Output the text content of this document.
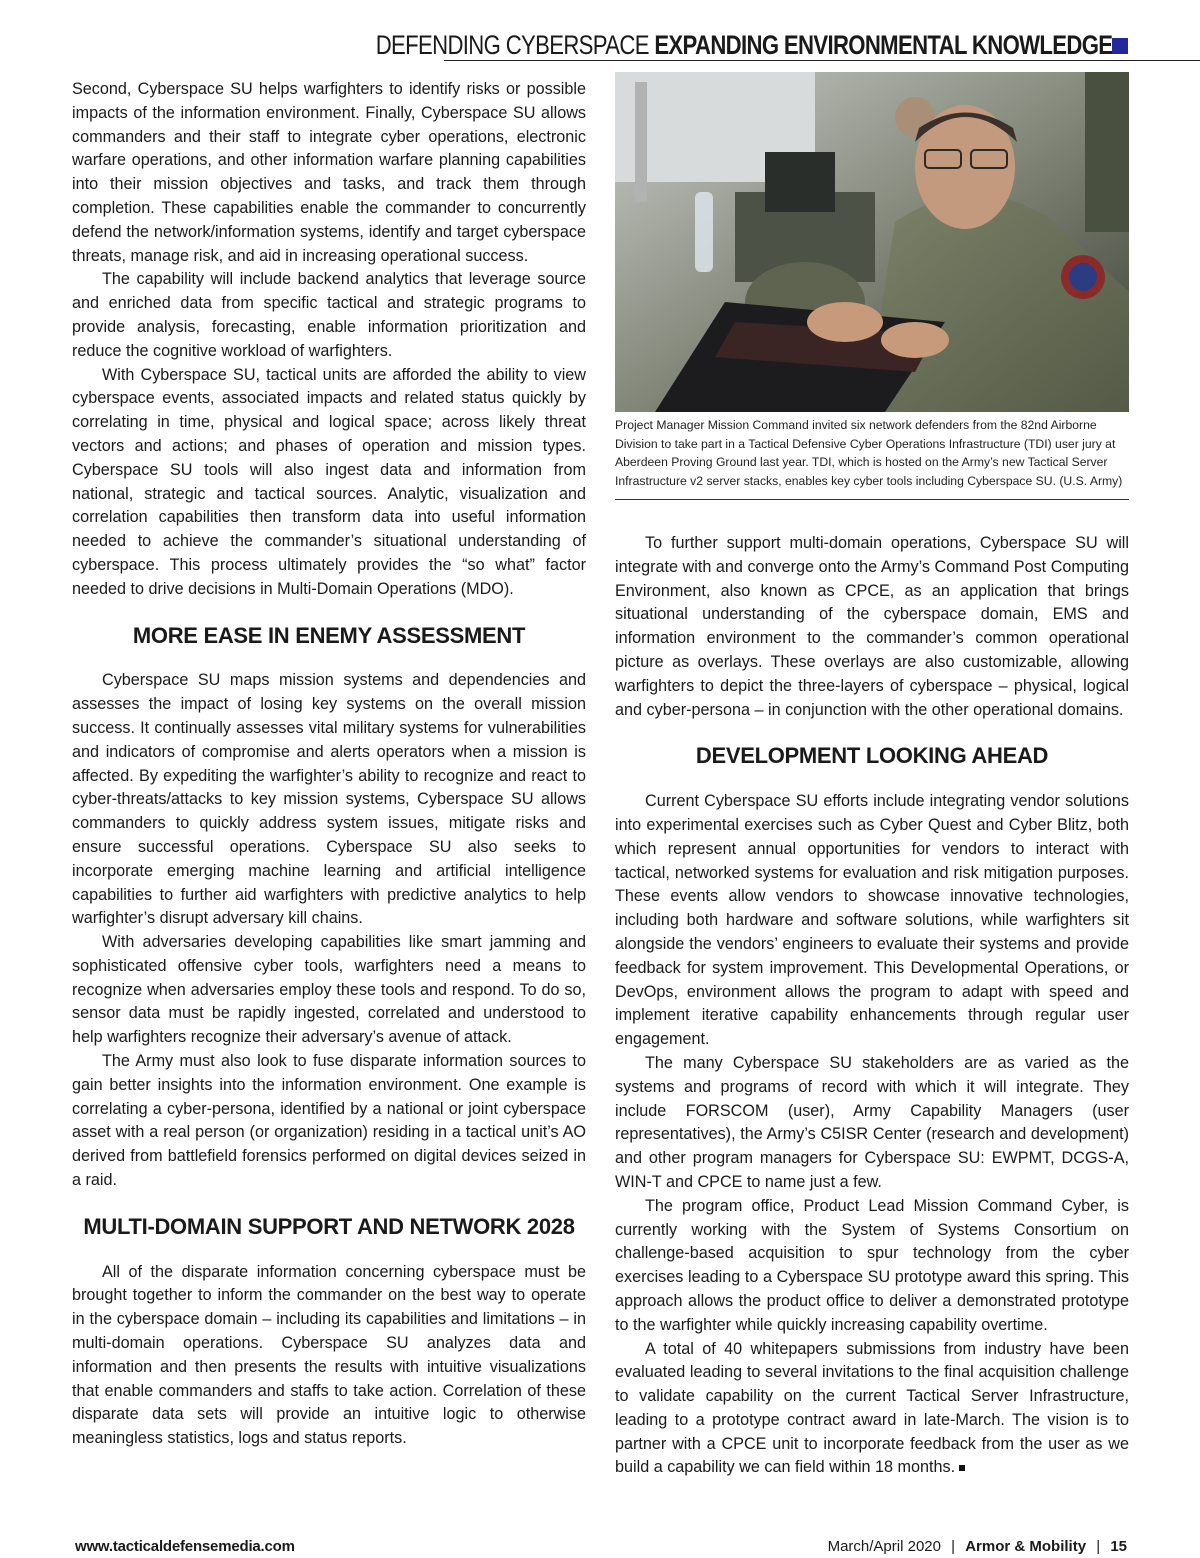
DEFENDING CYBERSPACE EXPANDING ENVIRONMENTAL KNOWLEDGE

Second, Cyberspace SU helps warfighters to identify risks or possible impacts of the information environment. Finally, Cyberspace SU allows commanders and their staff to integrate cyber operations, electronic warfare operations, and other information warfare planning capabilities into their mission objectives and tasks, and track them through completion. These capabilities enable the commander to concurrently defend the network/information systems, identify and target cyberspace threats, manage risk, and aid in increasing operational success.

The capability will include backend analytics that leverage source and enriched data from specific tactical and strategic programs to provide analysis, forecasting, enable information prioritization and reduce the cognitive workload of warfighters.

With Cyberspace SU, tactical units are afforded the ability to view cyberspace events, associated impacts and related status quickly by correlating in time, physical and logical space; across likely threat vectors and actions; and phases of operation and mission types. Cyberspace SU tools will also ingest data and information from national, strategic and tactical sources. Analytic, visualization and correlation capabilities then transform data into useful information needed to achieve the commander’s situational understanding of cyberspace. This process ultimately provides the “so what” factor needed to drive decisions in Multi-Domain Operations (MDO).

MORE EASE IN ENEMY ASSESSMENT

Cyberspace SU maps mission systems and dependencies and assesses the impact of losing key systems on the overall mission success. It continually assesses vital military systems for vulnerabilities and indicators of compromise and alerts operators when a mission is affected. By expediting the warfighter’s ability to recognize and react to cyber-threats/attacks to key mission systems, Cyberspace SU allows commanders to quickly address system issues, mitigate risks and ensure successful operations. Cyberspace SU also seeks to incorporate emerging machine learning and artificial intelligence capabilities to further aid warfighters with predictive analytics to help warfighter’s disrupt adversary kill chains.

With adversaries developing capabilities like smart jamming and sophisticated offensive cyber tools, warfighters need a means to recognize when adversaries employ these tools and respond. To do so, sensor data must be rapidly ingested, correlated and understood to help warfighters recognize their adversary’s avenue of attack.

The Army must also look to fuse disparate information sources to gain better insights into the information environment. One example is correlating a cyber-persona, identified by a national or joint cyberspace asset with a real person (or organization) residing in a tactical unit’s AO derived from battlefield forensics performed on digital devices seized in a raid.

MULTI-DOMAIN SUPPORT AND NETWORK 2028

All of the disparate information concerning cyberspace must be brought together to inform the commander on the best way to operate in the cyberspace domain – including its capabilities and limitations – in multi-domain operations. Cyberspace SU analyzes data and information and then presents the results with intuitive visualizations that enable commanders and staffs to take action. Correlation of these disparate data sets will provide an intuitive logic to otherwise meaningless statistics, logs and status reports.

Project Manager Mission Command invited six network defenders from the 82nd Airborne Division to take part in a Tactical Defensive Cyber Operations Infrastructure (TDI) user jury at Aberdeen Proving Ground last year. TDI, which is hosted on the Army’s new Tactical Server Infrastructure v2 server stacks, enables key cyber tools including Cyberspace SU. (U.S. Army)

To further support multi-domain operations, Cyberspace SU will integrate with and converge onto the Army’s Command Post Computing Environment, also known as CPCE, as an application that brings situational understanding of the cyberspace domain, EMS and information environment to the commander’s common operational picture as overlays. These overlays are also customizable, allowing warfighters to depict the three-layers of cyberspace – physical, logical and cyber-persona – in conjunction with the other operational domains.

DEVELOPMENT LOOKING AHEAD

Current Cyberspace SU efforts include integrating vendor solutions into experimental exercises such as Cyber Quest and Cyber Blitz, both which represent annual opportunities for vendors to interact with tactical, networked systems for evaluation and risk mitigation purposes. These events allow vendors to showcase innovative technologies, including both hardware and software solutions, while warfighters sit alongside the vendors’ engineers to evaluate their systems and provide feedback for system improvement. This Developmental Operations, or DevOps, environment allows the program to adapt with speed and implement iterative capability enhancements through regular user engagement.

The many Cyberspace SU stakeholders are as varied as the systems and programs of record with which it will integrate. They include FORSCOM (user), Army Capability Managers (user representatives), the Army’s C5ISR Center (research and development) and other program managers for Cyberspace SU: EWPMT, DCGS-A, WIN-T and CPCE to name just a few.

The program office, Product Lead Mission Command Cyber, is currently working with the System of Systems Consortium on challenge-based acquisition to spur technology from the cyber exercises leading to a Cyberspace SU prototype award this spring. This approach allows the product office to deliver a demonstrated prototype to the warfighter while quickly increasing capability overtime.

A total of 40 whitepapers submissions from industry have been evaluated leading to several invitations to the final acquisition challenge to validate capability on the current Tactical Server Infrastructure, leading to a prototype contract award in late-March. The vision is to partner with a CPCE unit to incorporate feedback from the user as we build a capability we can field within 18 months.

www.tacticaldefensemedia.com	March/April 2020 | Armor & Mobility | 15
